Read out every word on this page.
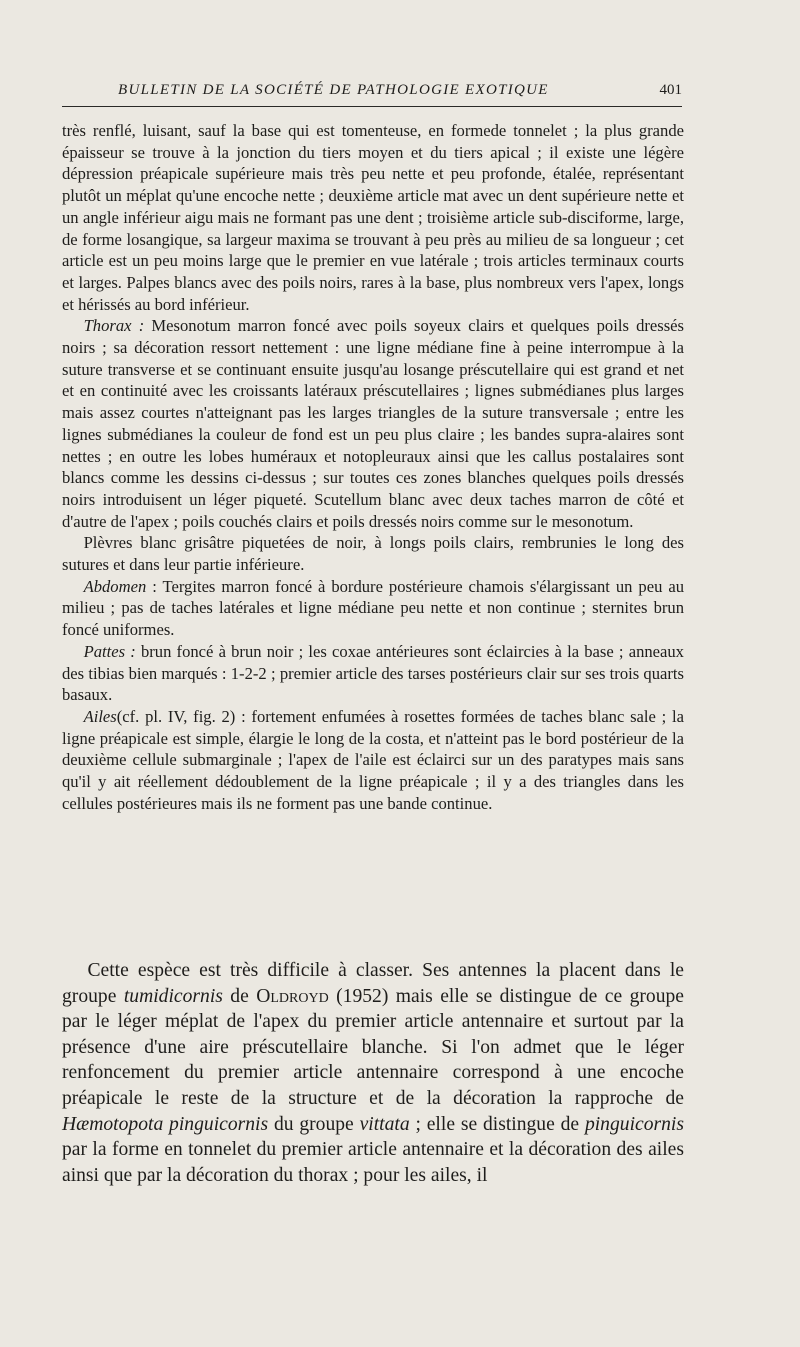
BULLETIN DE LA SOCIÉTÉ DE PATHOLOGIE EXOTIQUE	401

très renflé, luisant, sauf la base qui est tomenteuse, en formede tonnelet ; la plus grande épaisseur se trouve à la jonction du tiers moyen et du tiers apical ; il existe une légère dépression préapicale supérieure mais très peu nette et peu profonde, étalée, représentant plutôt un méplat qu'une encoche nette ; deuxième article mat avec un dent supérieure nette et un angle inférieur aigu mais ne formant pas une dent ; troisième article sub-disciforme, large, de forme losangique, sa largeur maxima se trouvant à peu près au milieu de sa longueur ; cet article est un peu moins large que le premier en vue latérale ; trois articles terminaux courts et larges. Palpes blancs avec des poils noirs, rares à la base, plus nombreux vers l'apex, longs et hérissés au bord inférieur.

Thorax : Mesonotum marron foncé avec poils soyeux clairs et quelques poils dressés noirs ; sa décoration ressort nettement : une ligne médiane fine à peine interrompue à la suture transverse et se continuant ensuite jusqu'au losange préscutellaire qui est grand et net et en continuité avec les croissants latéraux préscutellaires ; lignes submédianes plus larges mais assez courtes n'atteignant pas les larges triangles de la suture transversale ; entre les lignes submédianes la couleur de fond est un peu plus claire ; les bandes supra-alaires sont nettes ; en outre les lobes huméraux et notopleuraux ainsi que les callus postalaires sont blancs comme les dessins ci-dessus ; sur toutes ces zones blanches quelques poils dressés noirs introduisent un léger piqueté. Scutellum blanc avec deux taches marron de côté et d'autre de l'apex ; poils couchés clairs et poils dressés noirs comme sur le mesonotum.

Plèvres blanc grisâtre piquetées de noir, à longs poils clairs, rembrunies le long des sutures et dans leur partie inférieure.

Abdomen : Tergites marron foncé à bordure postérieure chamois s'élargissant un peu au milieu ; pas de taches latérales et ligne médiane peu nette et non continue ; sternites brun foncé uniformes.

Pattes : brun foncé à brun noir ; les coxae antérieures sont éclaircies à la base ; anneaux des tibias bien marqués : 1-2-2 ; premier article des tarses postérieurs clair sur ses trois quarts basaux.

Ailes(cf. pl. IV, fig. 2) : fortement enfumées à rosettes formées de taches blanc sale ; la ligne préapicale est simple, élargie le long de la costa, et n'atteint pas le bord postérieur de la deuxième cellule submarginale ; l'apex de l'aile est éclairci sur un des paratypes mais sans qu'il y ait réellement dédoublement de la ligne préapicale ; il y a des triangles dans les cellules postérieures mais ils ne forment pas une bande continue.

Cette espèce est très difficile à classer. Ses antennes la placent dans le groupe tumidicornis de Oldroyd (1952) mais elle se distingue de ce groupe par le léger méplat de l'apex du premier article antennaire et surtout par la présence d'une aire préscutellaire blanche. Si l'on admet que le léger renfoncement du premier article antennaire correspond à une encoche préapicale le reste de la structure et de la décoration la rapproche de Hæmotopota pinguicornis du groupe vittata ; elle se distingue de pinguicornis par la forme en tonnelet du premier article antennaire et la décoration des ailes ainsi que par la décoration du thorax ; pour les ailes, il
